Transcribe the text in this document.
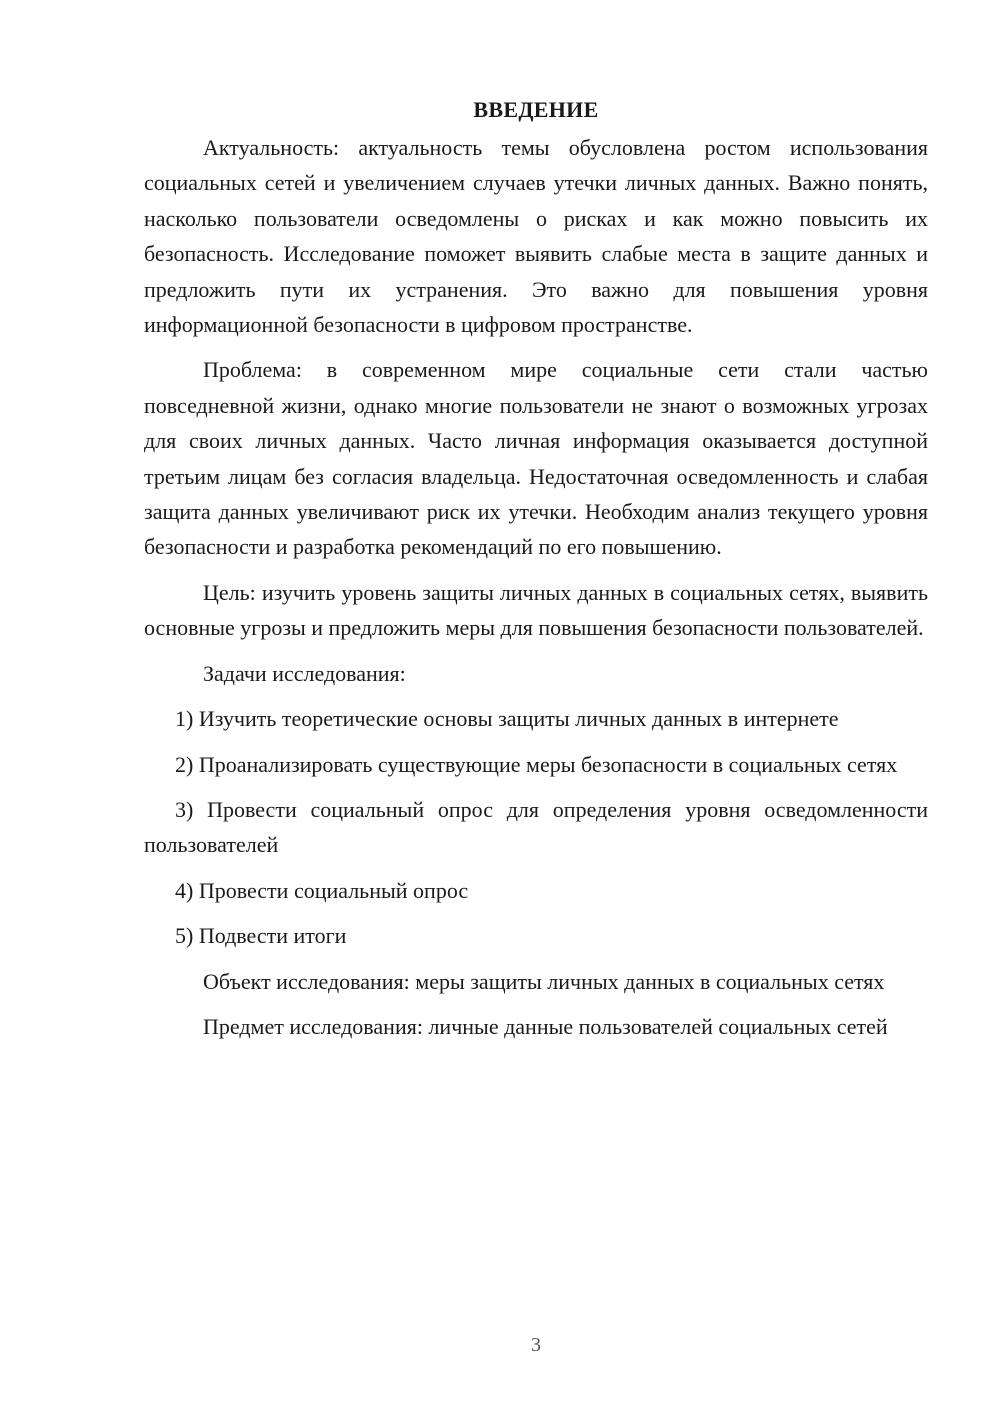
ВВЕДЕНИЕ

Актуальность: актуальность темы обусловлена ростом использования социальных сетей и увеличением случаев утечки личных данных. Важно понять, насколько пользователи осведомлены о рисках и как можно повысить их безопасность. Исследование поможет выявить слабые места в защите данных и предложить пути их устранения. Это важно для повышения уровня информационной безопасности в цифровом пространстве.

Проблема: в современном мире социальные сети стали частью повседневной жизни, однако многие пользователи не знают о возможных угрозах для своих личных данных. Часто личная информация оказывается доступной третьим лицам без согласия владельца. Недостаточная осведомленность и слабая защита данных увеличивают риск их утечки. Необходим анализ текущего уровня безопасности и разработка рекомендаций по его повышению.

Цель: изучить уровень защиты личных данных в социальных сетях, выявить основные угрозы и предложить меры для повышения безопасности пользователей.

Задачи исследования:

1) Изучить теоретические основы защиты личных данных в интернете

2) Проанализировать существующие меры безопасности в социальных сетях

3) Провести социальный опрос для определения уровня осведомленности пользователей

4) Провести социальный опрос

5) Подвести итоги

Объект исследования: меры защиты личных данных в социальных сетях

Предмет исследования: личные данные пользователей социальных сетей

3
